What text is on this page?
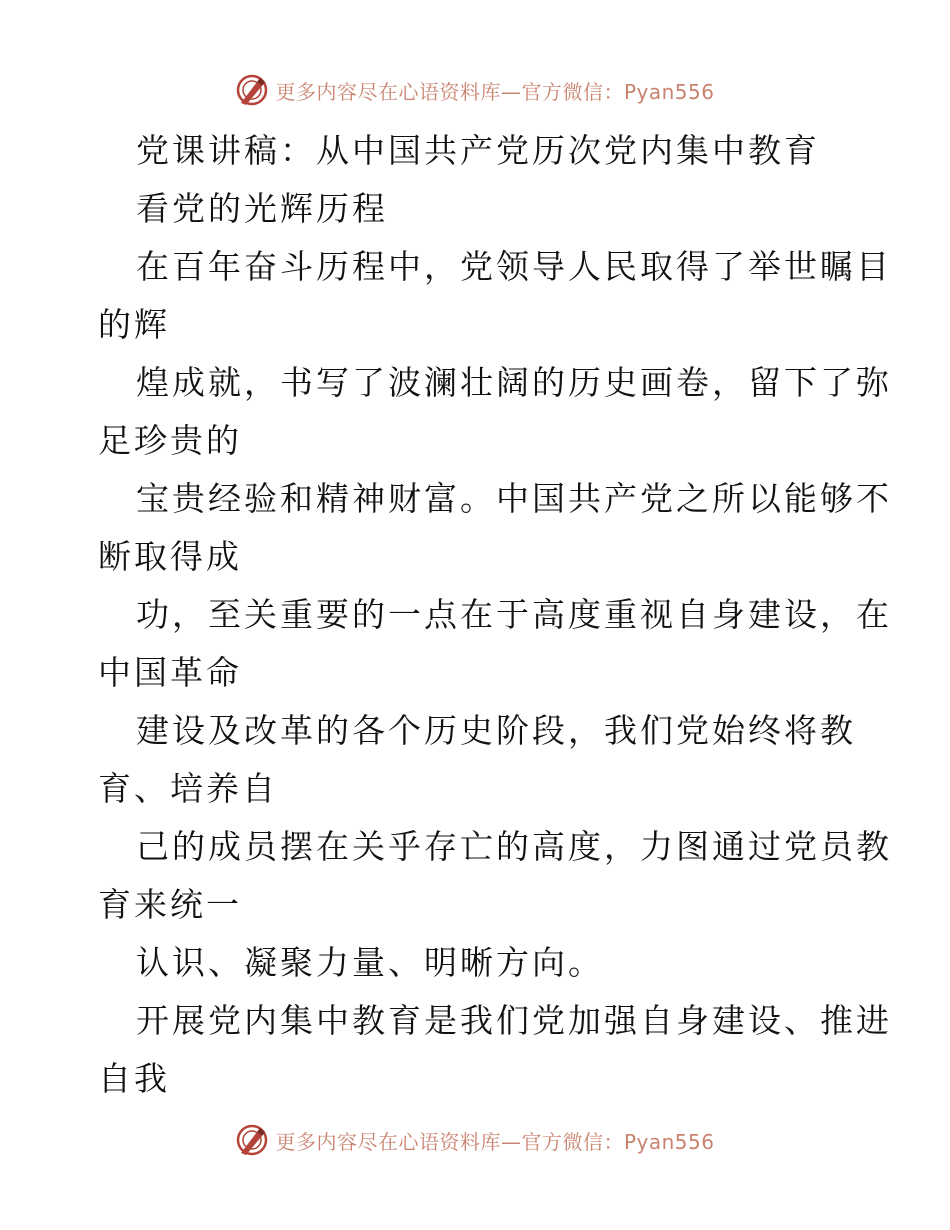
更多内容尽在心语资料库—官方微信：Pyan556
党课讲稿：从中国共产党历次党内集中教育
看党的光辉历程
在百年奋斗历程中，党领导人民取得了举世瞩目
的辉
煌成就，书写了波澜壮阔的历史画卷，留下了弥
足珍贵的
宝贵经验和精神财富。中国共产党之所以能够不
断取得成
功，至关重要的一点在于高度重视自身建设，在
中国革命
建设及改革的各个历史阶段，我们党始终将教
育、培养自
己的成员摆在关乎存亡的高度，力图通过党员教
育来统一
认识、凝聚力量、明晰方向。
开展党内集中教育是我们党加强自身建设、推进
自我
更多内容尽在心语资料库—官方微信：Pyan556
